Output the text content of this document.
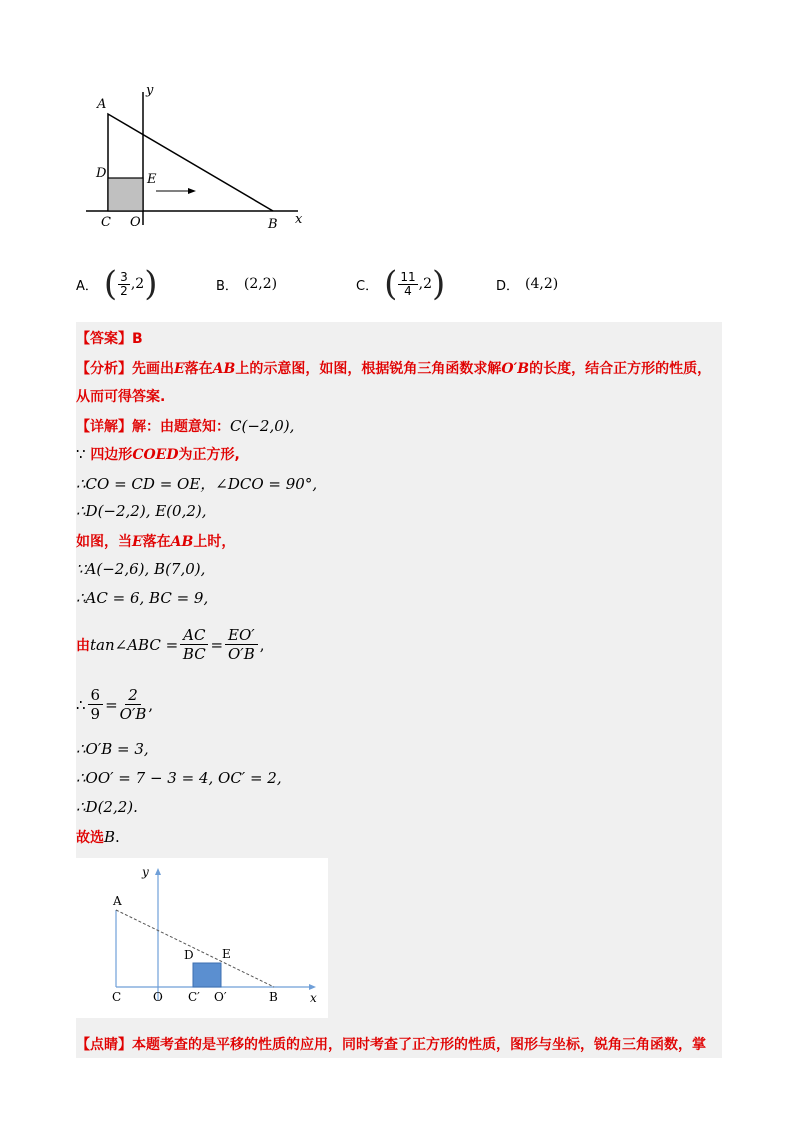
A
y
D	E
C O	B x
A． ( $\frac{3}{2}$ , 2 )	B． (2,2)	C． ( $\frac{11}{4}$ , 2 )	D． (4,2)
【答案】B
【分析】先画出E落在AB上的示意图，如图，根据锐角三角函数求解O′B的长度，结合正方形的性质，
从而可得答案.
【详解】解：由题意知：C(−2,0),
∵ 四边形COED为正方形,
∴CO = CD = OE，∠DCO = 90°,
∴D(−2,2), E(0,2),
如图，当E落在AB上时，
∵A(−2,6), B(7,0),
∴AC = 6, BC = 9,
由 tan∠ABC = $\frac{AC}{BC} = \frac{EO'}{O'B}$ ,
∴ $\frac{6}{9} = \frac{2}{O'B}$ ,
∴O′B = 3,
∴OO′ = 7 − 3 = 4, OC′ = 2,
∴D(2,2).
故选B.
y
A
D E
C	O C′ O′	B	x
【点睛】本题考查的是平移的性质的应用，同时考查了正方形的性质，图形与坐标，锐角三角函数，掌
